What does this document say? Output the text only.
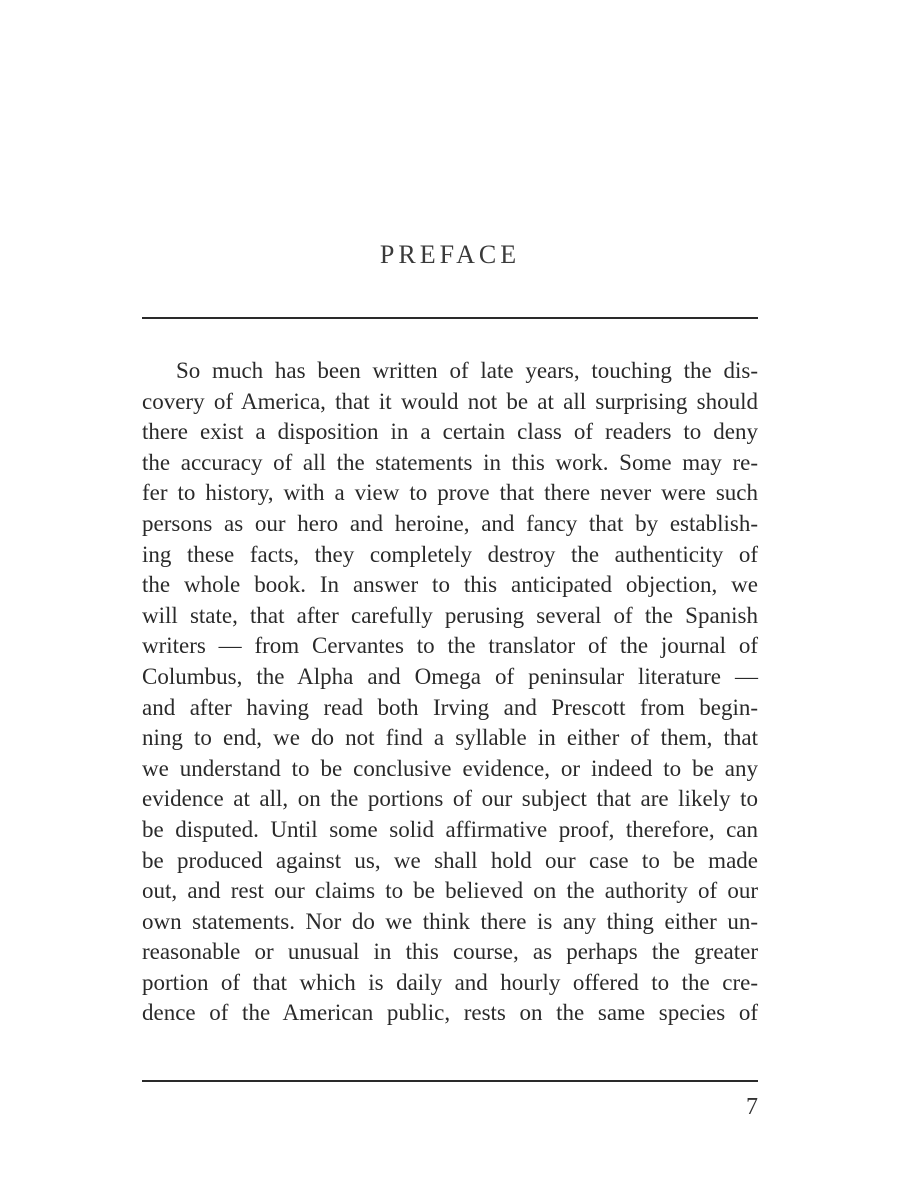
PREFACE
So much has been written of late years, touching the dis-
covery of America, that it would not be at all surprising should
there exist a disposition in a certain class of readers to deny
the accuracy of all the statements in this work. Some may re-
fer to history, with a view to prove that there never were such
persons as our hero and heroine, and fancy that by establish-
ing these facts, they completely destroy the authenticity of
the whole book. In answer to this anticipated objection, we
will state, that after carefully perusing several of the Spanish
writers — from Cervantes to the translator of the journal of
Columbus, the Alpha and Omega of peninsular literature —
and after having read both Irving and Prescott from begin-
ning to end, we do not find a syllable in either of them, that
we understand to be conclusive evidence, or indeed to be any
evidence at all, on the portions of our subject that are likely to
be disputed. Until some solid affirmative proof, therefore, can
be produced against us, we shall hold our case to be made
out, and rest our claims to be believed on the authority of our
own statements. Nor do we think there is any thing either un-
reasonable or unusual in this course, as perhaps the greater
portion of that which is daily and hourly offered to the cre-
dence of the American public, rests on the same species of

7
